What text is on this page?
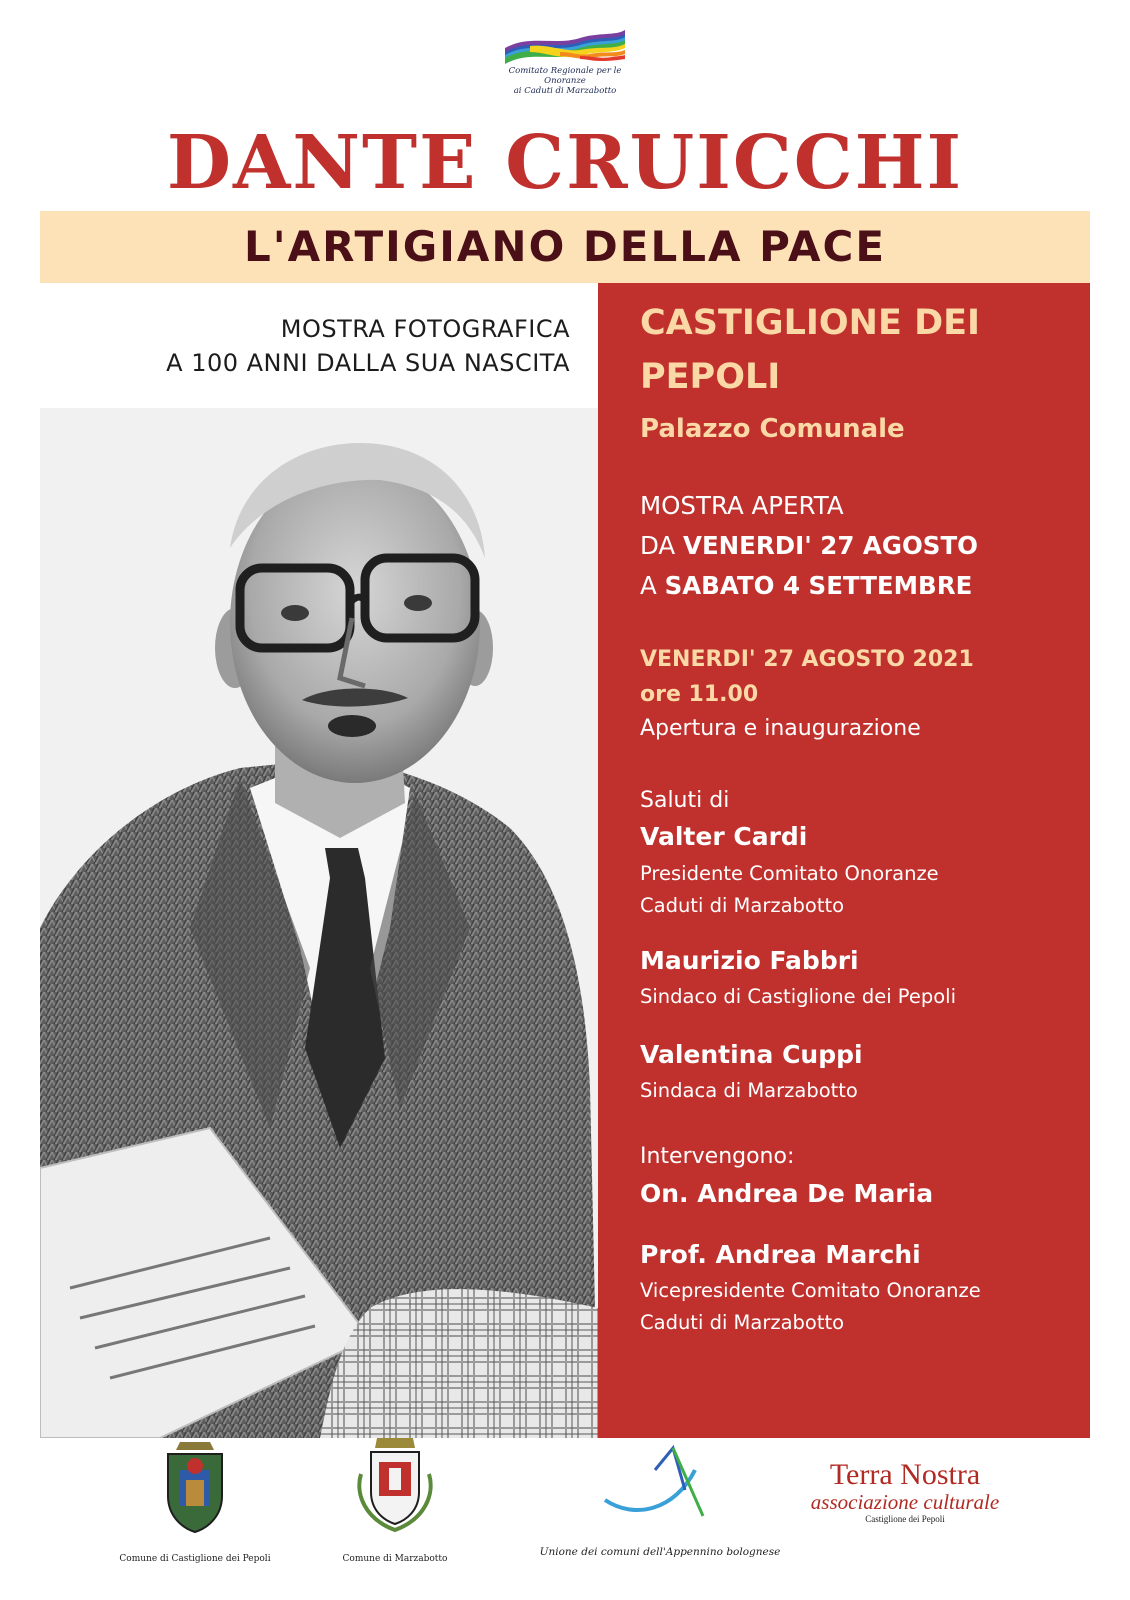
Comitato Regionale per le Onoranze
ai Caduti di Marzabotto
DANTE CRUICCHI
L'ARTIGIANO DELLA PACE
MOSTRA FOTOGRAFICA
A 100 ANNI DALLA SUA NASCITA
CASTIGLIONE DEI
PEPOLI
Palazzo Comunale
MOSTRA APERTA
DA VENERDI' 27 AGOSTO
A SABATO 4 SETTEMBRE
VENERDI' 27 AGOSTO 2021
ore 11.00
Apertura e inaugurazione
Saluti di
Valter Cardi
Presidente Comitato Onoranze
Caduti di Marzabotto
Maurizio Fabbri
Sindaco di Castiglione dei Pepoli
Valentina Cuppi
Sindaca di Marzabotto
Intervengono:
On. Andrea De Maria
Prof. Andrea Marchi
Vicepresidente Comitato Onoranze
Caduti di Marzabotto
Comune di Castiglione dei Pepoli	Comune di Marzabotto
Unione dei comuni dell'Appennino bolognese
Terra Nostra
associazione culturale
Castiglione dei Pepoli
